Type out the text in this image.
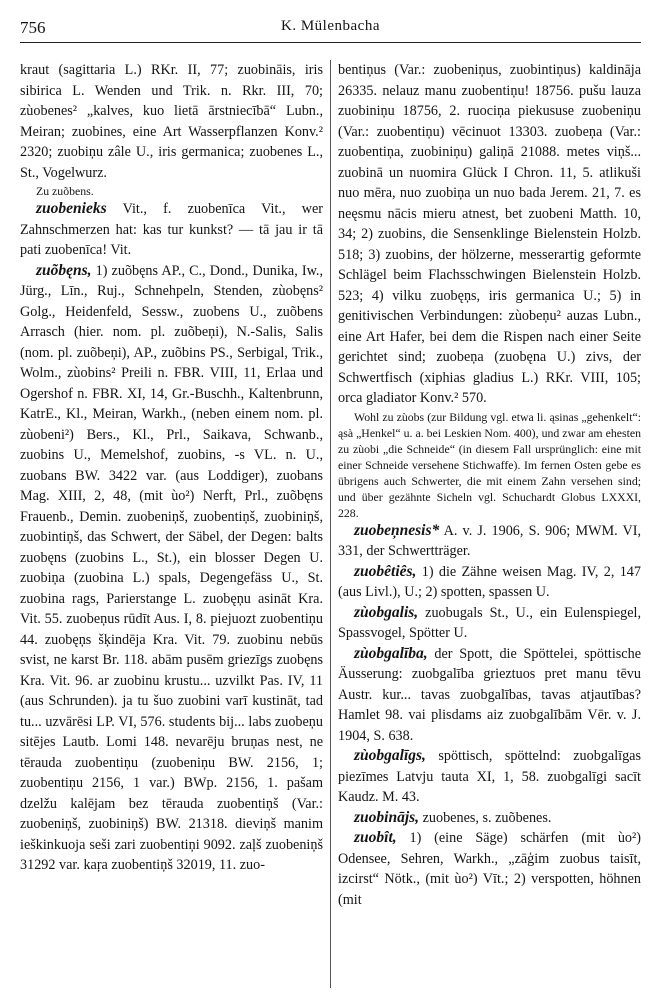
756	K. Mülenbacha

kraut (sagittaria L.) RKr. II, 77; zuobināis, iris sibirica L. Wenden und Trik. n. Rkr. III, 70; zùobenes² „kalves, kuo lietā ārstniecībā“ Lubn., Meiran; zuobines, eine Art Wasserpflanzen Konv.² 2320; zuobiņu zâle U., iris germanica; zuobenes L., St., Vogelwurz.

Zu zuõbens.

zuobenieks Vit., f. zuobenīca Vit., wer Zahnschmerzen hat: kas tur kunkst? — tā jau ir tā pati zuobenīca! Vit.

zuõbęns, 1) zuõbęns AP., C., Dond., Dunika, Iw., Jürg., Līn., Ruj., Schnehpeln, Stenden, zùobęns² Golg., Heidenfeld, Sessw., zuobens U., zuõbens Arrasch (hier. nom. pl. zuõbeņi), N.-Salis, Salis (nom. pl. zuõbeņi), AP., zuõbins PS., Serbigal, Trik., Wolm., zùobins² Preili n. FBR. VIII, 11, Erlaa und Ogershof n. FBR. XI, 14, Gr.-Buschh., Kaltenbrunn, KatrE., Kl., Meiran, Warkh., (neben einem nom. pl. zùobeni²) Bers., Kl., Prl., Saikava, Schwanb., zuobins U., Memelshof, zuobins, -s VL. n. U., zuobans BW. 3422 var. (aus Loddiger), zuobans Mag. XIII, 2, 48, (mit ùo²) Nerft, Prl., zuõbęns Frauenb., Demin. zuobeniņš, zuobentiņš, zuobiniņš, zuobintiņš, das Schwert, der Säbel, der Degen: balts zuobęns (zuobins L., St.), ein blosser Degen U. zuobiņa (zuobina L.) spals, Degengefäss U., St. zuobina rags, Parierstange L. zuobęņu asināt Kra. Vit. 55. zuobeņus rūdīt Aus. I, 8. piejuozt zuobentiņu 44. zuobęņs šķindēja Kra. Vit. 79. zuobinu nebūs svist, ne karst Br. 118. abām pusēm griezīgs zuobęns Kra. Vit. 96. ar zuobinu krustu... uzvilkt Pas. IV, 11 (aus Schrunden). ja tu šuo zuobini varī kustināt, tad tu... uzvārēsi LP. VI, 576. students bij... labs zuobeņu sitējes Lautb. Lomi 148. nevarēju bruņas nest, ne tērauda zuobentiņu (zuobeniņu BW. 2156, 1; zuobentiņu 2156, 1 var.) BWp. 2156, 1. pašam dzelžu kalējam bez tērauda zuobentiņš (Var.: zuobeniņš, zuobiniņš) BW. 21318. dieviņš manim ieškinkuoja seši zari zuobentiņi 9092. zaļš zuobeniņš 31292 var. kaŗa zuobentiņš 32019, 11. zuo-

bentiņus (Var.: zuobeniņus, zuobintiņus) kaldināja 26335. nelauz manu zuobentiņu! 18756. pušu lauza zuobiniņu 18756, 2. ruociņa piekususe zuobeniņu (Var.: zuobentiņu) vēcinuot 13303. zuobeņa (Var.: zuobentiņa, zuobiniņu) galiņā 21088. metes viņš... zuobinā un nuomira Glück I Chron. 11, 5. atlikuši nuo mēra, nuo zuobiņa un nuo bada Jerem. 21, 7. es neęsmu nācis mieru atnest, bet zuobeni Matth. 10, 34; 2) zuobins, die Sensenklinge Bielenstein Holzb. 518; 3) zuobins, der hölzerne, messerartig geformte Schlägel beim Flachsschwingen Bielenstein Holzb. 523; 4) vilku zuobęņs, iris germanica U.; 5) in genitivischen Verbindungen: zùobeņu² auzas Lubn., eine Art Hafer, bei dem die Rispen nach einer Seite gerichtet sind; zuobeņa (zuobęna U.) zivs, der Schwertfisch (xiphias gladius L.) RKr. VIII, 105; orca gladiator Konv.² 570.

Wohl zu zùobs (zur Bildung vgl. etwa li. ąsinas „gehenkelt“: ąsà „Henkel“ u. a. bei Leskien Nom. 400), und zwar am ehesten zu zùobi „die Schneide“ (in diesem Fall ursprünglich: eine mit einer Schneide versehene Stichwaffe). Im fernen Osten gebe es übrigens auch Schwerter, die mit einem Zahn versehen sind; und über gezähnte Sicheln vgl. Schuchardt Globus LXXXI, 228.

zuobeņnesis* A. v. J. 1906, S. 906; MWM. VI, 331, der Schwertträger.

zuobêtiês, 1) die Zähne weisen Mag. IV, 2, 147 (aus Livl.), U.; 2) spotten, spassen U.

zùobgalis, zuobugals St., U., ein Eulenspiegel, Spassvogel, Spötter U.

zùobgalība, der Spott, die Spöttelei, spöttische Äusserung: zuobgalība grieztuos pret manu tēvu Austr. kur... tavas zuobgalības, tavas atjautības? Hamlet 98. vai plisdams aiz zuobgalībām Vēr. v. J. 1904, S. 638.

zùobgalīgs, spöttisch, spöttelnd: zuobgalīgas piezīmes Latvju tauta XI, 1, 58. zuobgalīgi sacīt Kaudz. M. 43.

zuobinājs, zuobenes, s. zuõbenes.

zuobît, 1) (eine Säge) schärfen (mit ùo²) Odensee, Sehren, Warkh., „zāģim zuobus taisīt, izcirst“ Nötk., (mit ùo²) Vīt.; 2) verspotten, höhnen (mit
